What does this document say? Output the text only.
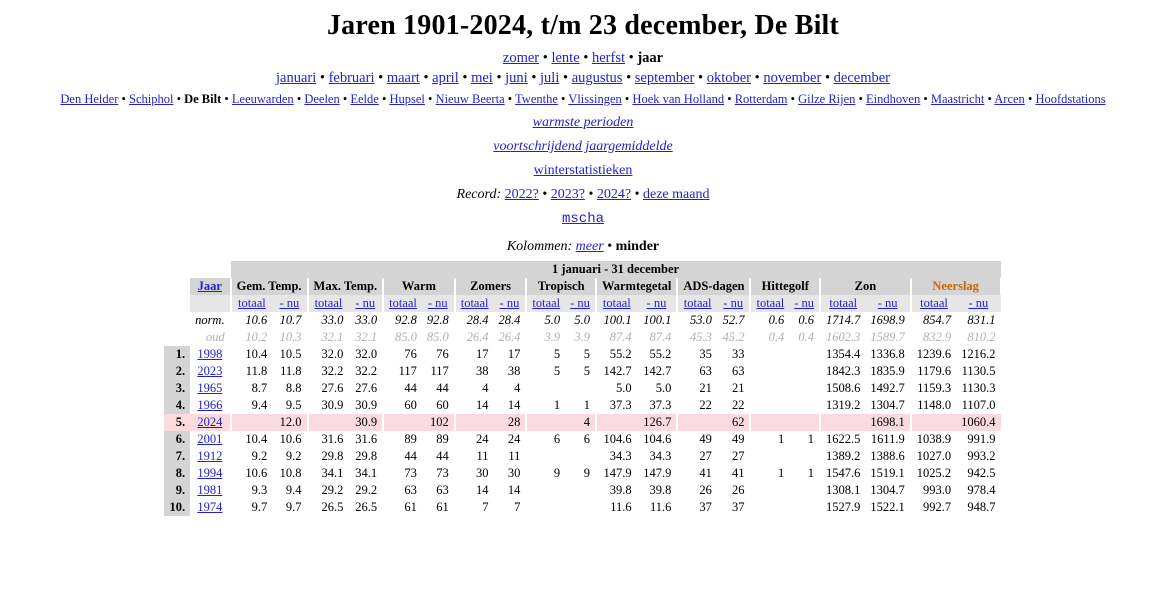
Jaren 1901-2024, t/m 23 december, De Bilt
zomer • lente • herfst • jaar
januari • februari • maart • april • mei • juni • juli • augustus • september • oktober • november • december
Den Helder • Schiphol • De Bilt • Leeuwarden • Deelen • Eelde • Hupsel • Nieuw Beerta • Twenthe • Vlissingen • Hoek van Holland • Rotterdam • Gilze Rijen • Eindhoven • Maastricht • Arcen • Hoofdstations
warmste perioden
voortschrijdend jaargemiddelde
winterstatistieken
Record: 2022? • 2023? • 2024? • deze maand
mscha
Kolommen: meer • minder
		1 januari - 31 december																			
	Jaar	Gem. Temp.		Max. Temp.		Warm		Zomers		Tropisch		Warmtegetal		ADS-dagen		Hittegolf		Zon		Neerslag	
		totaal	- nu	totaal	- nu	totaal	- nu	totaal	- nu	totaal	- nu	totaal	- nu	totaal	- nu	totaal	- nu	totaal	- nu	totaal	- nu
	norm.	10.6	10.7	33.0	33.0	92.8	92.8	28.4	28.4	5.0	5.0	100.1	100.1	53.0	52.7	0.6	0.6	1714.7	1698.9	854.7	831.1
	oud	10.2	10.3	32.1	32.1	85.0	85.0	26.4	26.4	3.9	3.9	87.4	87.4	45.3	45.2	0.4	0.4	1602.3	1589.7	832.9	810.2
1.	1998	10.4	10.5	32.0	32.0	76	76	17	17	5	5	55.2	55.2	35	33			1354.4	1336.8	1239.6	1216.2
2.	2023	11.8	11.8	32.2	32.2	117	117	38	38	5	5	142.7	142.7	63	63			1842.3	1835.9	1179.6	1130.5
3.	1965	8.7	8.8	27.6	27.6	44	44	4	4			5.0	5.0	21	21			1508.6	1492.7	1159.3	1130.3
4.	1966	9.4	9.5	30.9	30.9	60	60	14	14	1	1	37.3	37.3	22	22			1319.2	1304.7	1148.0	1107.0
5.	2024		12.0		30.9		102		28		4		126.7		62				1698.1		1060.4
6.	2001	10.4	10.6	31.6	31.6	89	89	24	24	6	6	104.6	104.6	49	49	1	1	1622.5	1611.9	1038.9	991.9
7.	1912	9.2	9.2	29.8	29.8	44	44	11	11			34.3	34.3	27	27			1389.2	1388.6	1027.0	993.2
8.	1994	10.6	10.8	34.1	34.1	73	73	30	30	9	9	147.9	147.9	41	41	1	1	1547.6	1519.1	1025.2	942.5
9.	1981	9.3	9.4	29.2	29.2	63	63	14	14			39.8	39.8	26	26			1308.1	1304.7	993.0	978.4
10.	1974	9.7	9.7	26.5	26.5	61	61	7	7			11.6	11.6	37	37			1527.9	1522.1	992.7	948.7
